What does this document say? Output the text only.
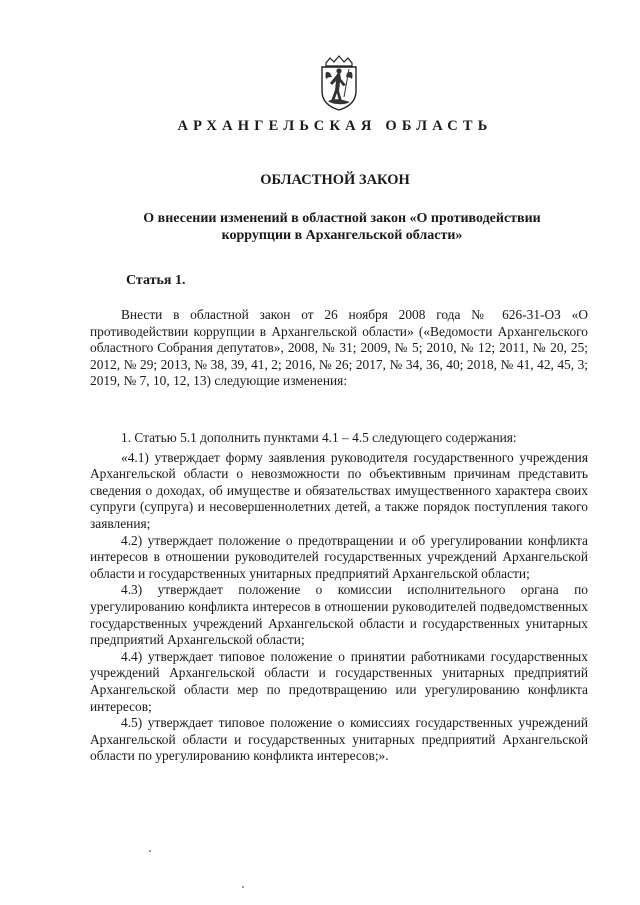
АРХАНГЕЛЬСКАЯ ОБЛАСТЬ
ОБЛАСТНОЙ ЗАКОН
О внесении изменений в областной закон «О противодействии коррупции в Архангельской области»
Статья 1.

Внести в областной закон от 26 ноября 2008 года № 626-31-ОЗ «О противодействии коррупции в Архангельской области» («Ведомости Архангельского областного Собрания депутатов», 2008, № 31; 2009, № 5; 2010, № 12; 2011, № 20, 25; 2012, № 29; 2013, № 38, 39, 41, 2; 2016, № 26; 2017, № 34, 36, 40; 2018, № 41, 42, 45, 3; 2019, № 7, 10, 12, 13) следующие изменения:

1. Статью 5.1 дополнить пунктами 4.1 – 4.5 следующего содержания:

«4.1) утверждает форму заявления руководителя государственного учреждения Архангельской области о невозможности по объективным причинам представить сведения о доходах, об имуществе и обязательствах имущественного характера своих супруги (супруга) и несовершеннолетних детей, а также порядок поступления такого заявления;

4.2) утверждает положение о предотвращении и об урегулировании конфликта интересов в отношении руководителей государственных учреждений Архангельской области и государственных унитарных предприятий Архангельской области;

4.3) утверждает положение о комиссии исполнительного органа по урегулированию конфликта интересов в отношении руководителей подведомственных государственных учреждений Архангельской области и государственных унитарных предприятий Архангельской области;

4.4) утверждает типовое положение о принятии работниками государственных учреждений Архангельской области и государственных унитарных предприятий Архангельской области мер по предотвращению или урегулированию конфликта интересов;

4.5) утверждает типовое положение о комиссиях государственных учреждений Архангельской области и государственных унитарных предприятий Архангельской области по урегулированию конфликта интересов;».
